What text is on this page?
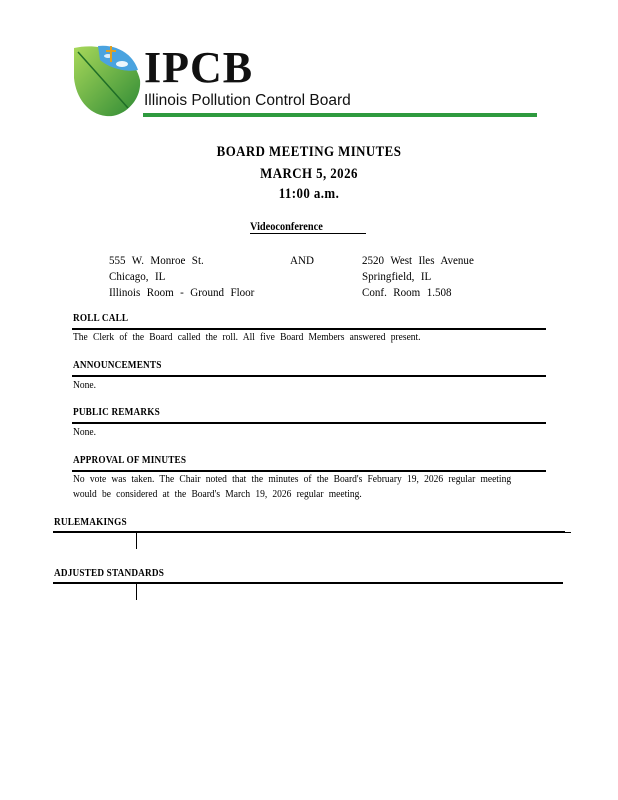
IPCB
Illinois Pollution Control Board
BOARD MEETING MINUTES
MARCH 5, 2026
11:00 a.m.
Videoconference
555 W. Monroe St.
Chicago, IL
Illinois Room - Ground Floor
AND	2520 West Iles Avenue
Springfield, IL
Conf. Room 1.508
ROLL CALL
The Clerk of the Board called the roll. All five Board Members answered present.
ANNOUNCEMENTS
None.
PUBLIC REMARKS
None.
APPROVAL OF MINUTES
No vote was taken. The Chair noted that the minutes of the Board's February 19, 2026 regular meeting would be considered at the Board's March 19, 2026 regular meeting.
RULEMAKINGS
ADJUSTED STANDARDS
